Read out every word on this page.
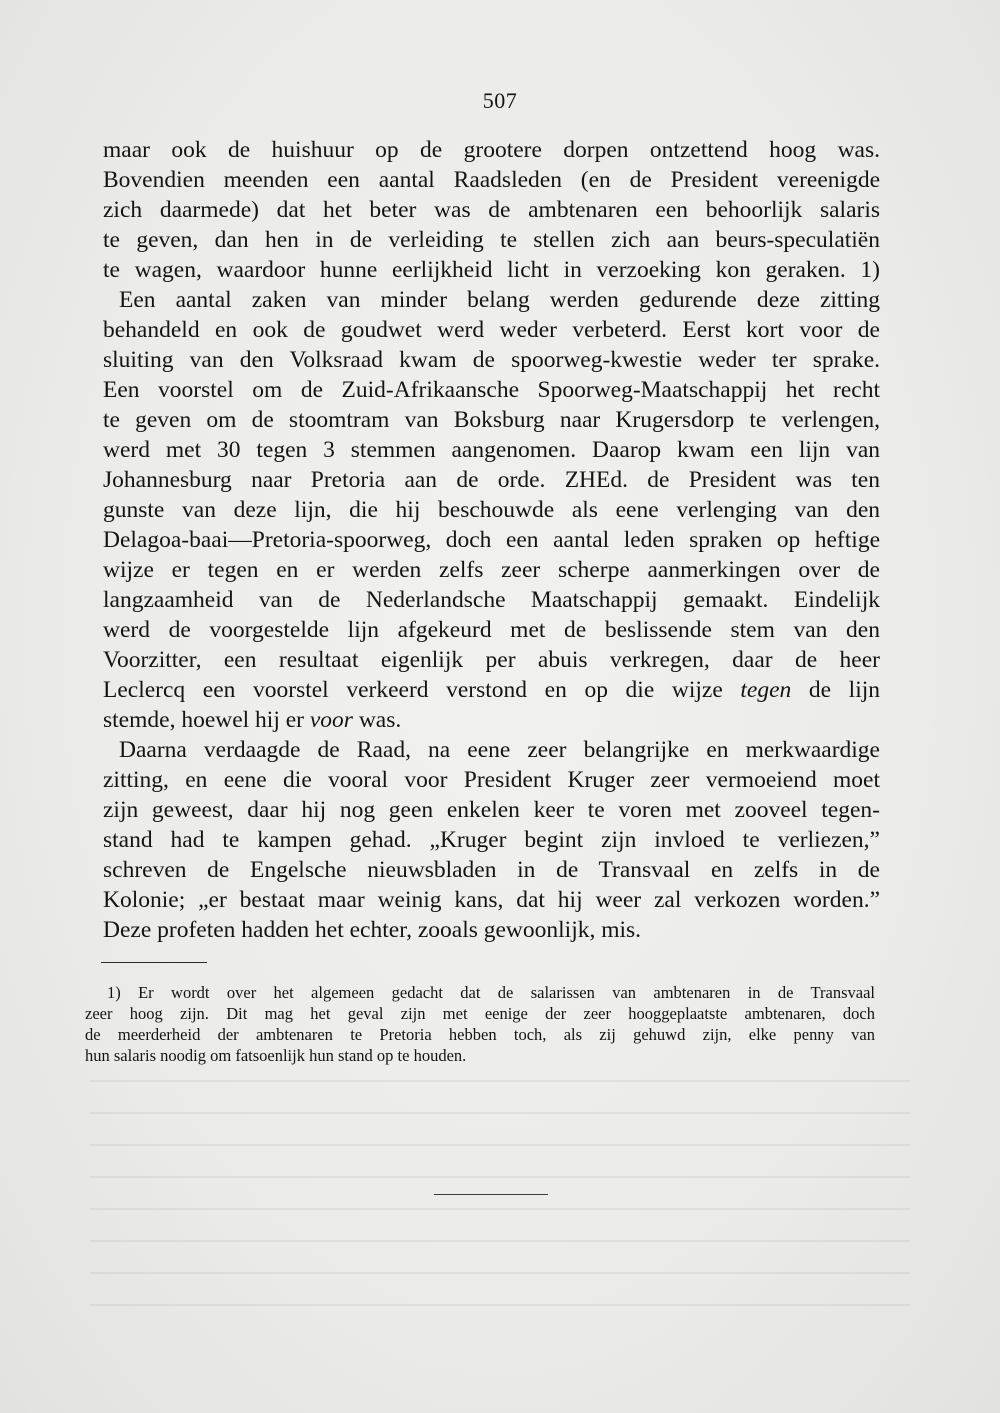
507
maar ook de huishuur op de grootere dorpen ontzettend hoog was.
Bovendien meenden een aantal Raadsleden (en de President vereenigde
zich daarmede) dat het beter was de ambtenaren een behoorlijk salaris
te geven, dan hen in de verleiding te stellen zich aan beurs-speculatiën
te wagen, waardoor hunne eerlijkheid licht in verzoeking kon geraken. 1)
Een aantal zaken van minder belang werden gedurende deze zitting
behandeld en ook de goudwet werd weder verbeterd. Eerst kort voor de
sluiting van den Volksraad kwam de spoorweg-kwestie weder ter sprake.
Een voorstel om de Zuid-Afrikaansche Spoorweg-Maatschappij het recht
te geven om de stoomtram van Boksburg naar Krugersdorp te verlengen,
werd met 30 tegen 3 stemmen aangenomen. Daarop kwam een lijn van
Johannesburg naar Pretoria aan de orde. ZHEd. de President was ten
gunste van deze lijn, die hij beschouwde als eene verlenging van den
Delagoa-baai—Pretoria-spoorweg, doch een aantal leden spraken op heftige
wijze er tegen en er werden zelfs zeer scherpe aanmerkingen over de
langzaamheid van de Nederlandsche Maatschappij gemaakt. Eindelijk
werd de voorgestelde lijn afgekeurd met de beslissende stem van den
Voorzitter, een resultaat eigenlijk per abuis verkregen, daar de heer
Leclercq een voorstel verkeerd verstond en op die wijze tegen de lijn
stemde, hoewel hij er voor was.
Daarna verdaagde de Raad, na eene zeer belangrijke en merkwaardige
zitting, en eene die vooral voor President Kruger zeer vermoeiend moet
zijn geweest, daar hij nog geen enkelen keer te voren met zooveel tegen-
stand had te kampen gehad. „Kruger begint zijn invloed te verliezen,”
schreven de Engelsche nieuwsbladen in de Transvaal en zelfs in de
Kolonie; „er bestaat maar weinig kans, dat hij weer zal verkozen worden.”
Deze profeten hadden het echter, zooals gewoonlijk, mis.
1) Er wordt over het algemeen gedacht dat de salarissen van ambtenaren in de Transvaal
zeer hoog zijn. Dit mag het geval zijn met eenige der zeer hooggeplaatste ambtenaren, doch
de meerderheid der ambtenaren te Pretoria hebben toch, als zij gehuwd zijn, elke penny van
hun salaris noodig om fatsoenlijk hun stand op te houden.
